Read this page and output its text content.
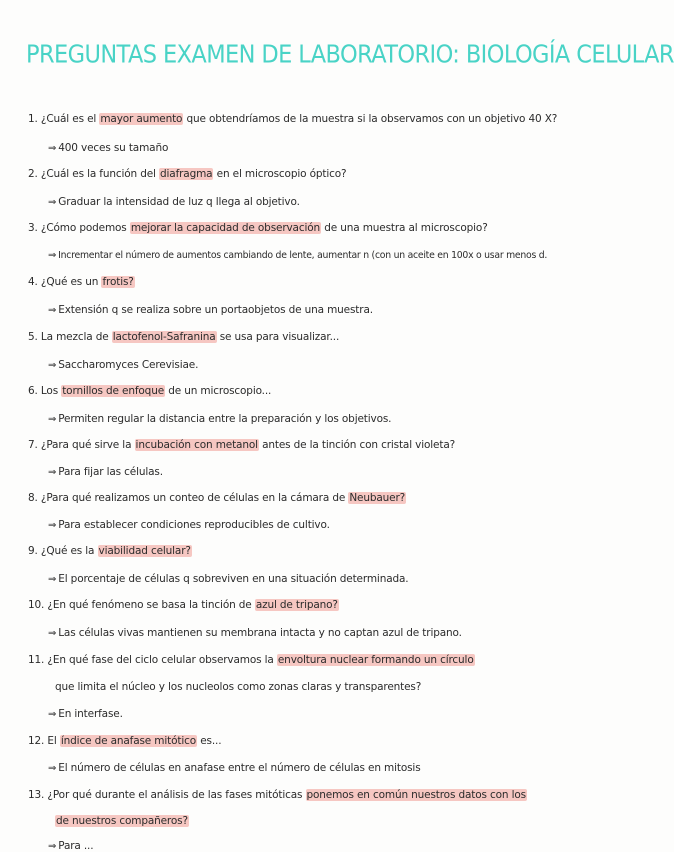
PREGUNTAS EXAMEN DE LABORATORIO: BIOLOGÍA CELULAR
1. ¿Cuál es el mayor aumento que obtendríamos de la muestra si la observamos con un objetivo 40 X?
⇒ 400 veces su tamaño
2. ¿Cuál es la función del diafragma en el microscopio óptico?
⇒ Graduar la intensidad de luz q llega al objetivo.
3. ¿Cómo podemos mejorar la capacidad de observación de una muestra al microscopio?
⇒ Incrementar el número de aumentos cambiando de lente, aumentar n (con un aceite en 100x o usar menos d.
4. ¿Qué es un frotis?
⇒ Extensión q se realiza sobre un portaobjetos de una muestra.
5. La mezcla de lactofenol-Safranina se usa para visualizar...
⇒ Saccharomyces Cerevisiae.
6. Los tornillos de enfoque de un microscopio...
⇒ Permiten regular la distancia entre la preparación y los objetivos.
7. ¿Para qué sirve la incubación con metanol antes de la tinción con cristal violeta?
⇒ Para fijar las células.
8. ¿Para qué realizamos un conteo de células en la cámara de Neubauer?
⇒ Para establecer condiciones reproducibles de cultivo.
9. ¿Qué es la viabilidad celular?
⇒ El porcentaje de células q sobreviven en una situación determinada.
10. ¿En qué fenómeno se basa la tinción de azul de tripano?
⇒ Las células vivas mantienen su membrana intacta y no captan azul de tripano.
11. ¿En qué fase del ciclo celular observamos la envoltura nuclear formando un círculo
que limita el núcleo y los nucleolos como zonas claras y transparentes?
⇒ En interfase.
12. El índice de anafase mitótico es...
⇒ El número de células en anafase entre el número de células en mitosis
13. ¿Por qué durante el análisis de las fases mitóticas ponemos en común nuestros datos con los
de nuestros compañeros?
⇒ Para ...
